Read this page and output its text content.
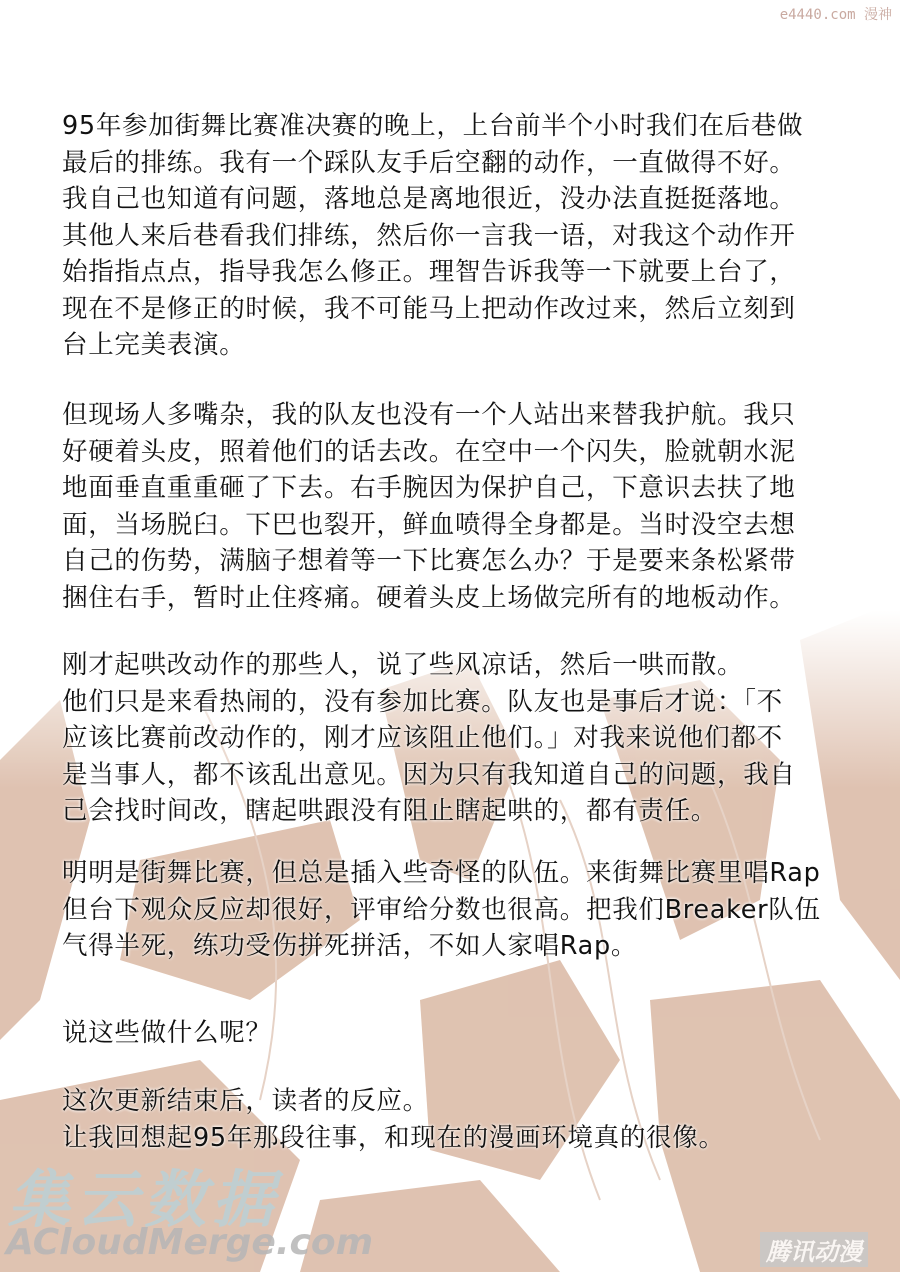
e4440.com 漫神
95年参加街舞比赛准决赛的晚上，上台前半个小时我们在后巷做
最后的排练。我有一个踩队友手后空翻的动作，一直做得不好。
我自己也知道有问题，落地总是离地很近，没办法直挺挺落地。
其他人来后巷看我们排练，然后你一言我一语，对我这个动作开
始指指点点，指导我怎么修正。理智告诉我等一下就要上台了，
现在不是修正的时候，我不可能马上把动作改过来，然后立刻到
台上完美表演。
但现场人多嘴杂，我的队友也没有一个人站出来替我护航。我只
好硬着头皮，照着他们的话去改。在空中一个闪失，脸就朝水泥
地面垂直重重砸了下去。右手腕因为保护自己，下意识去扶了地
面，当场脱臼。下巴也裂开，鲜血喷得全身都是。当时没空去想
自己的伤势，满脑子想着等一下比赛怎么办？于是要来条松紧带
捆住右手，暂时止住疼痛。硬着头皮上场做完所有的地板动作。
刚才起哄改动作的那些人，说了些风凉话，然后一哄而散。
他们只是来看热闹的，没有参加比赛。队友也是事后才说：「不
应该比赛前改动作的，刚才应该阻止他们。」对我来说他们都不
是当事人，都不该乱出意见。因为只有我知道自己的问题，我自
己会找时间改，瞎起哄跟没有阻止瞎起哄的，都有责任。
明明是街舞比赛，但总是插入些奇怪的队伍。来街舞比赛里唱Rap
但台下观众反应却很好，评审给分数也很高。把我们Breaker队伍
气得半死，练功受伤拼死拼活，不如人家唱Rap。
说这些做什么呢？
这次更新结束后，读者的反应。
让我回想起95年那段往事，和现在的漫画环境真的很像。
集云数据
ACloudMerge.com	腾讯动漫
